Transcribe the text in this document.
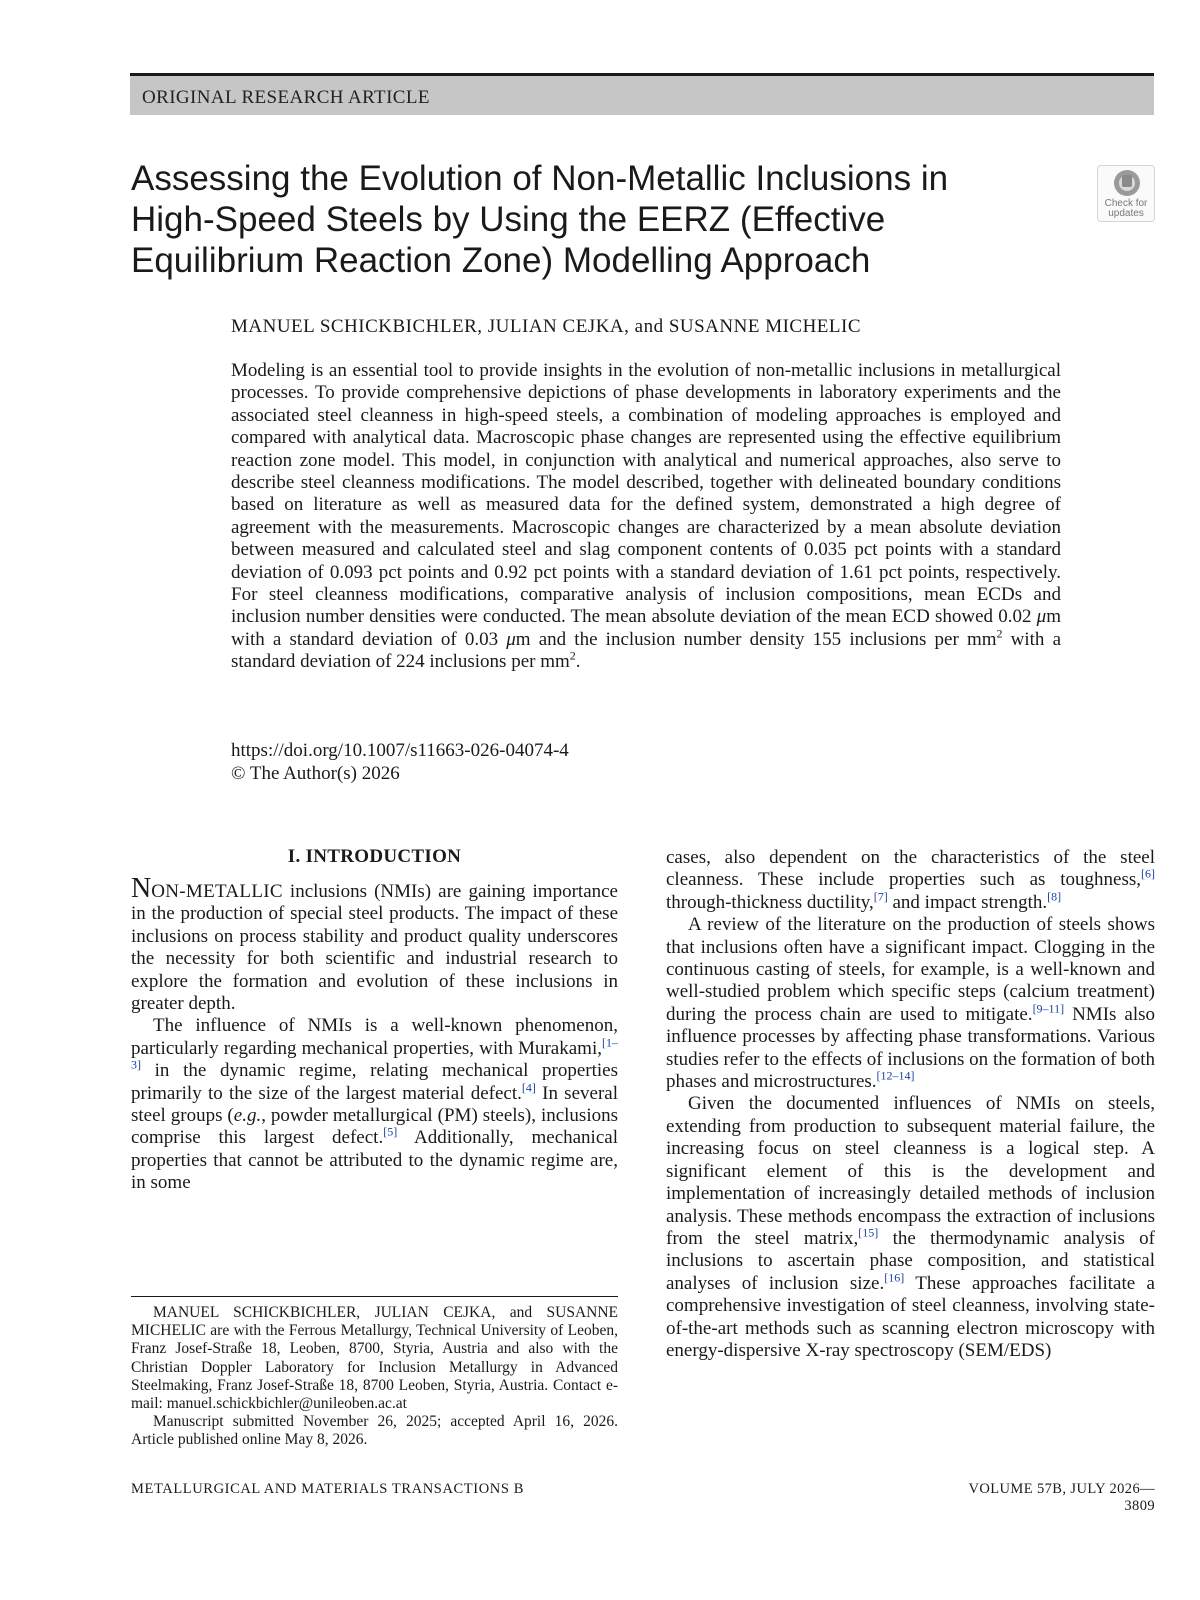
ORIGINAL RESEARCH ARTICLE
Assessing the Evolution of Non-Metallic Inclusions in High-Speed Steels by Using the EERZ (Effective Equilibrium Reaction Zone) Modelling Approach
Check for
updates
MANUEL SCHICKBICHLER, JULIAN CEJKA, and SUSANNE MICHELIC

Modeling is an essential tool to provide insights in the evolution of non-metallic inclusions in metallurgical processes. To provide comprehensive depictions of phase developments in laboratory experiments and the associated steel cleanness in high-speed steels, a combination of modeling approaches is employed and compared with analytical data. Macroscopic phase changes are represented using the effective equilibrium reaction zone model. This model, in conjunction with analytical and numerical approaches, also serve to describe steel cleanness modifications. The model described, together with delineated boundary conditions based on literature as well as measured data for the defined system, demonstrated a high degree of agreement with the measurements. Macroscopic changes are characterized by a mean absolute deviation between measured and calculated steel and slag component contents of 0.035 pct points with a standard deviation of 0.093 pct points and 0.92 pct points with a standard deviation of 1.61 pct points, respectively. For steel cleanness modifications, comparative analysis of inclusion compositions, mean ECDs and inclusion number densities were conducted. The mean absolute deviation of the mean ECD showed 0.02 μm with a standard deviation of 0.03 μm and the inclusion number density 155 inclusions per $mm^2$ with a standard deviation of 224 inclusions per $mm^2$.

https://doi.org/10.1007/s11663-026-04074-4
© The Author(s) 2026
I. INTRODUCTION

NON-METALLIC inclusions (NMIs) are gaining importance in the production of special steel products. The impact of these inclusions on process stability and product quality underscores the necessity for both scientific and industrial research to explore the formation and evolution of these inclusions in greater depth.

The influence of NMIs is a well-known phenomenon, particularly regarding mechanical properties, with Murakami,[1–3] in the dynamic regime, relating mechanical properties primarily to the size of the largest material defect.[4] In several steel groups (e.g., powder metallurgical (PM) steels), inclusions comprise this largest defect.[5] Additionally, mechanical properties that cannot be attributed to the dynamic regime are, in some

cases, also dependent on the characteristics of the steel cleanness. These include properties such as toughness,[6] through-thickness ductility,[7] and impact strength.[8]

A review of the literature on the production of steels shows that inclusions often have a significant impact. Clogging in the continuous casting of steels, for example, is a well-known and well-studied problem which specific steps (calcium treatment) during the process chain are used to mitigate.[9–11] NMIs also influence processes by affecting phase transformations. Various studies refer to the effects of inclusions on the formation of both phases and microstructures.[12–14]

Given the documented influences of NMIs on steels, extending from production to subsequent material failure, the increasing focus on steel cleanness is a logical step. A significant element of this is the development and implementation of increasingly detailed methods of inclusion analysis. These methods encompass the extraction of inclusions from the steel matrix,[15] the thermodynamic analysis of inclusions to ascertain phase composition, and statistical analyses of inclusion size.[16] These approaches facilitate a comprehensive investigation of steel cleanness, involving state-of-the-art methods such as scanning electron microscopy with energy-dispersive X-ray spectroscopy (SEM/EDS)

MANUEL SCHICKBICHLER, JULIAN CEJKA, and SUSANNE MICHELIC are with the Ferrous Metallurgy, Technical University of Leoben, Franz Josef-Straße 18, Leoben, 8700, Styria, Austria and also with the Christian Doppler Laboratory for Inclusion Metallurgy in Advanced Steelmaking, Franz Josef-Straße 18, 8700 Leoben, Styria, Austria. Contact e-mail: manuel.schickbichler@unileoben.ac.at

Manuscript submitted November 26, 2025; accepted April 16, 2026. Article published online May 8, 2026.

METALLURGICAL AND MATERIALS TRANSACTIONS B	VOLUME 57B, JULY 2026—3809
